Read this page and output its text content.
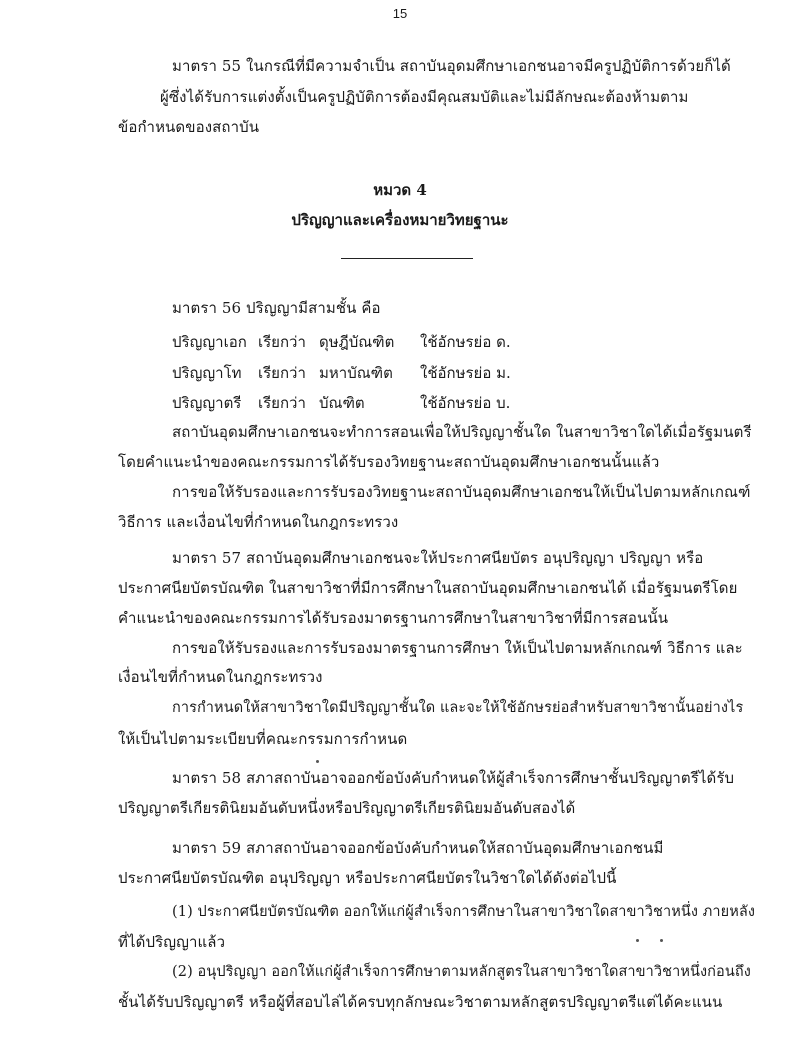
15
มาตรา 55 ในกรณีที่มีความจำเป็น สถาบันอุดมศึกษาเอกชนอาจมีครูปฏิบัติการด้วยก็ได้
ผู้ซึ่งได้รับการแต่งตั้งเป็นครูปฏิบัติการต้องมีคุณสมบัติและไม่มีลักษณะต้องห้ามตาม
ข้อกำหนดของสถาบัน
หมวด 4
ปริญญาและเครื่องหมายวิทยฐานะ
มาตรา 56 ปริญญามีสามชั้น คือ
ปริญญาเอก เรียกว่า ดุษฎีบัณฑิต ใช้อักษรย่อ ด.
ปริญญาโท เรียกว่า มหาบัณฑิต ใช้อักษรย่อ ม.
ปริญญาตรี เรียกว่า บัณฑิต	ใช้อักษรย่อ บ.
สถาบันอุดมศึกษาเอกชนจะทำการสอนเพื่อให้ปริญญาชั้นใด ในสาขาวิชาใดได้เมื่อรัฐมนตรี
โดยคำแนะนำของคณะกรรมการได้รับรองวิทยฐานะสถาบันอุดมศึกษาเอกชนนั้นแล้ว
การขอให้รับรองและการรับรองวิทยฐานะสถาบันอุดมศึกษาเอกชนให้เป็นไปตามหลักเกณฑ์
วิธีการ และเงื่อนไขที่กำหนดในกฎกระทรวง
มาตรา 57 สถาบันอุดมศึกษาเอกชนจะให้ประกาศนียบัตร อนุปริญญา ปริญญา หรือ
ประกาศนียบัตรบัณฑิต ในสาขาวิชาที่มีการศึกษาในสถาบันอุดมศึกษาเอกชนได้ เมื่อรัฐมนตรีโดย
คำแนะนำของคณะกรรมการได้รับรองมาตรฐานการศึกษาในสาขาวิชาที่มีการสอนนั้น
การขอให้รับรองและการรับรองมาตรฐานการศึกษา ให้เป็นไปตามหลักเกณฑ์ วิธีการ และ
เงื่อนไขที่กำหนดในกฎกระทรวง
การกำหนดให้สาขาวิชาใดมีปริญญาชั้นใด และจะให้ใช้อักษรย่อสำหรับสาขาวิชานั้นอย่างไร
ให้เป็นไปตามระเบียบที่คณะกรรมการกำหนด
มาตรา 58 สภาสถาบันอาจออกข้อบังคับกำหนดให้ผู้สำเร็จการศึกษาชั้นปริญญาตรีได้รับ
ปริญญาตรีเกียรตินิยมอันดับหนึ่งหรือปริญญาตรีเกียรตินิยมอันดับสองได้
มาตรา 59 สภาสถาบันอาจออกข้อบังคับกำหนดให้สถาบันอุดมศึกษาเอกชนมี
ประกาศนียบัตรบัณฑิต อนุปริญญา หรือประกาศนียบัตรในวิชาใดได้ดังต่อไปนี้
(1) ประกาศนียบัตรบัณฑิต ออกให้แก่ผู้สำเร็จการศึกษาในสาขาวิชาใดสาขาวิชาหนึ่ง ภายหลัง
ที่ได้ปริญญาแล้ว
(2) อนุปริญญา ออกให้แก่ผู้สำเร็จการศึกษาตามหลักสูตรในสาขาวิชาใดสาขาวิชาหนึ่งก่อนถึง
ชั้นได้รับปริญญาตรี หรือผู้ที่สอบไล่ได้ครบทุกลักษณะวิชาตามหลักสูตรปริญญาตรีแต่ได้คะแนน
